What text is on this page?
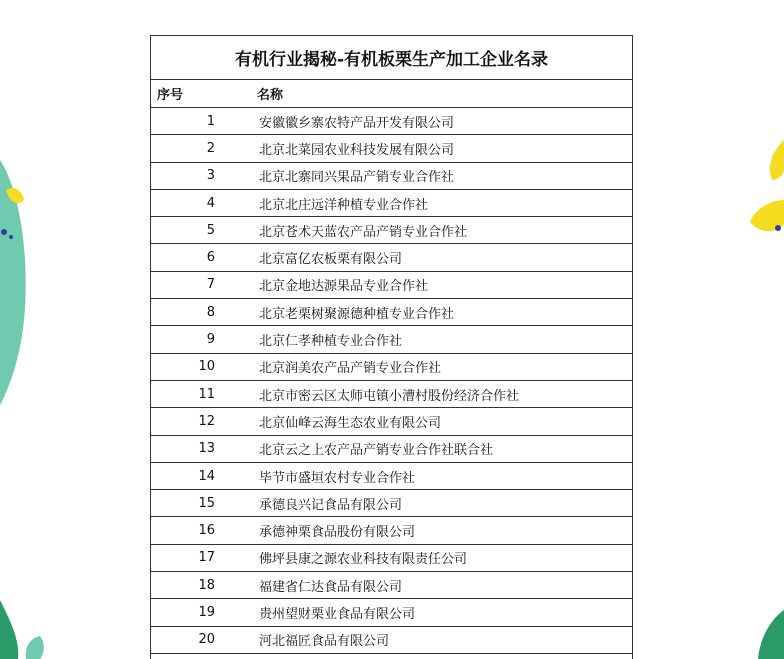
有机行业揭秘-有机板栗生产加工企业名录
序号	名称
1	安徽徽乡寨农特产品开发有限公司
2	北京北菜园农业科技发展有限公司
3	北京北寨同兴果品产销专业合作社
4	北京北庄远洋种植专业合作社
5	北京苍术天蓝农产品产销专业合作社
6	北京富亿农板栗有限公司
7	北京金地达源果品专业合作社
8	北京老栗树聚源德种植专业合作社
9	北京仁孝种植专业合作社
10	北京润美农产品产销专业合作社
11	北京市密云区太师屯镇小漕村股份经济合作社
12	北京仙峰云海生态农业有限公司
13	北京云之上农产品产销专业合作社联合社
14	毕节市盛垣农村专业合作社
15	承德良兴记食品有限公司
16	承德神栗食品股份有限公司
17	佛坪县康之源农业科技有限责任公司
18	福建省仁达食品有限公司
19	贵州望财栗业食品有限公司
20	河北福匠食品有限公司
